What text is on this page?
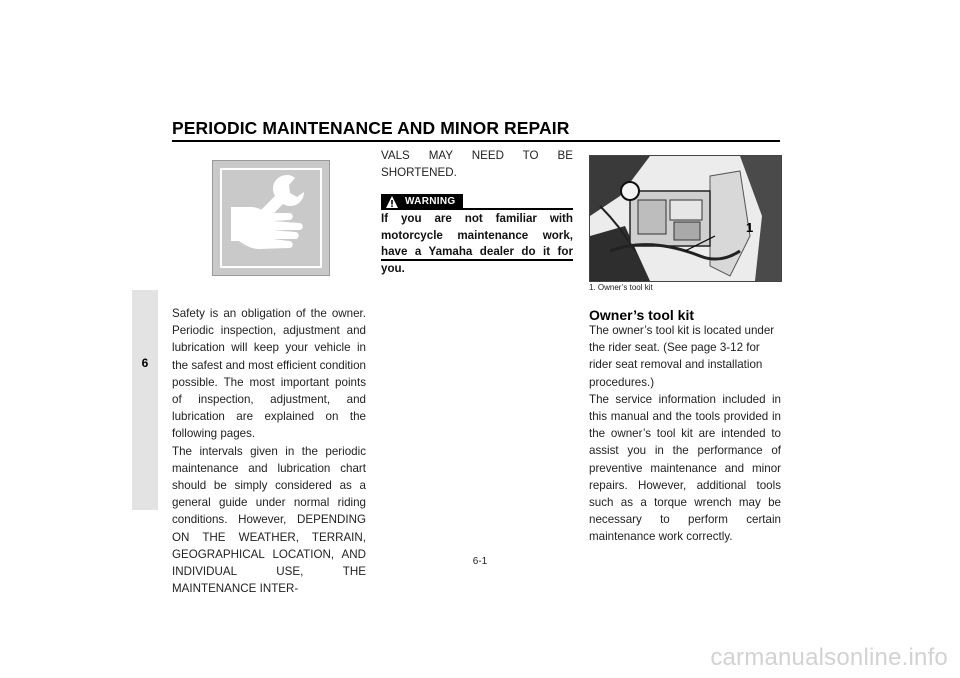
PERIODIC MAINTENANCE AND MINOR REPAIR
6

Safety is an obligation of the owner. Periodic inspection, adjustment and lubrication will keep your vehicle in the safest and most efficient condition possible. The most important points of inspection, adjustment, and lubrication are explained on the following pages.

The intervals given in the periodic maintenance and lubrication chart should be simply considered as a general guide under normal riding conditions. However, DEPENDING ON THE WEATHER, TERRAIN, GEOGRAPHICAL LOCATION, AND INDIVIDUAL USE, THE MAINTENANCE INTER-

VALS MAY NEED TO BE SHORTENED.

WARNING
If you are not familiar with motorcycle maintenance work, have a Yamaha dealer do it for you.
1
1. Owner’s tool kit
Owner’s tool kit

The owner’s tool kit is located under the rider seat. (See page 3-12 for rider seat removal and installation procedures.)

The service information included in this manual and the tools provided in the owner’s tool kit are intended to assist you in the performance of preventive maintenance and minor repairs. However, additional tools such as a torque wrench may be necessary to perform certain maintenance work correctly.

6-1
carmanualsonline.info
